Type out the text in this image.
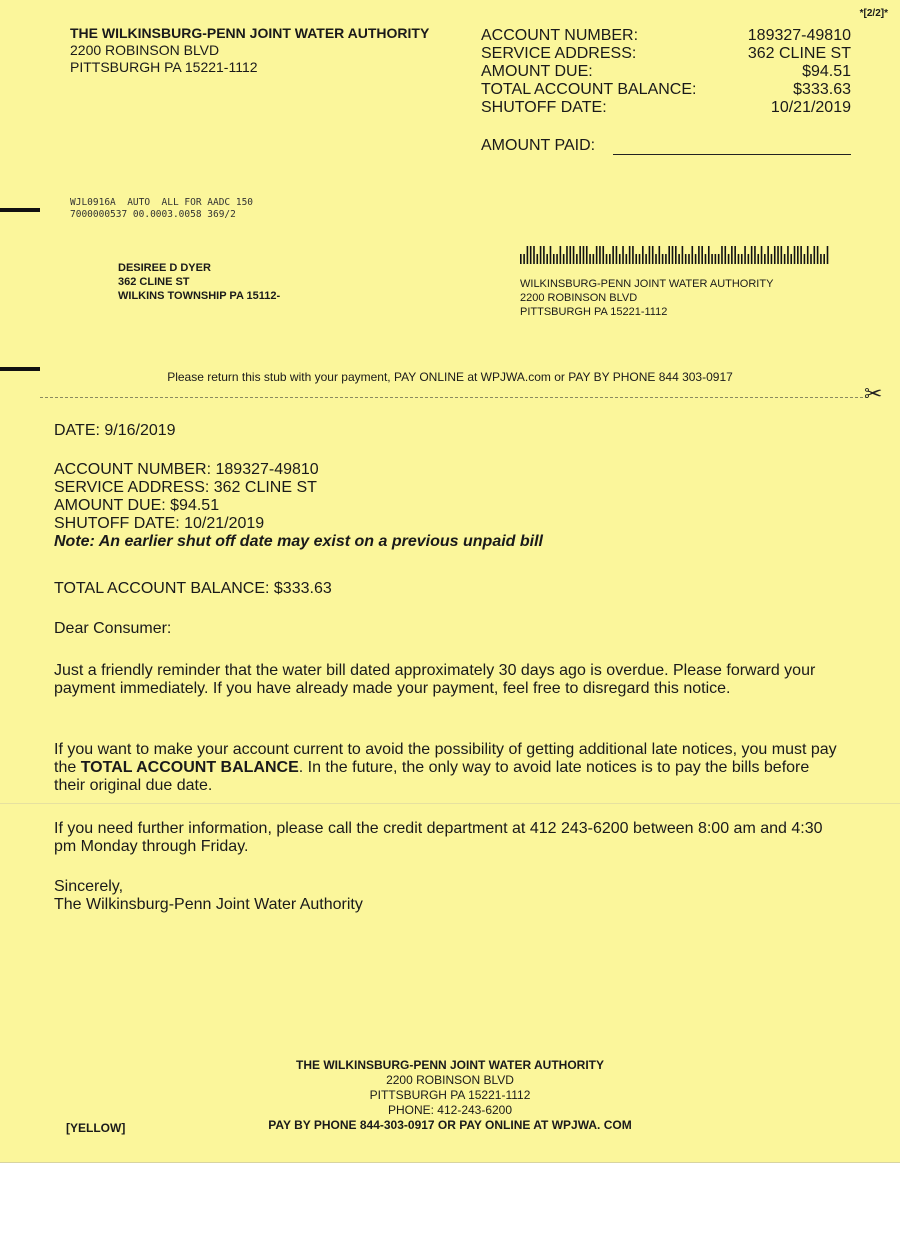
*[2/2]*
THE WILKINSBURG-PENN JOINT WATER AUTHORITY
2200 ROBINSON BLVD
PITTSBURGH PA 15221-1112
ACCOUNT NUMBER:	189327-49810
SERVICE ADDRESS:	362 CLINE ST
AMOUNT DUE:	$94.51
TOTAL ACCOUNT BALANCE:	$333.63
SHUTOFF DATE:	10/21/2019
AMOUNT PAID:
WJL0916A  AUTO  ALL FOR AADC 150
7000000537 00.0003.0058 369/2
DESIREE D DYER
362 CLINE ST
WILKINS TOWNSHIP PA 15112-
WILKINSBURG-PENN JOINT WATER AUTHORITY
2200 ROBINSON BLVD
PITTSBURGH PA 15221-1112
Please return this stub with your payment, PAY ONLINE at WPJWA.com or PAY BY PHONE 844 303-0917
✂
DATE: 9/16/2019
ACCOUNT NUMBER: 189327-49810
SERVICE ADDRESS: 362 CLINE ST
AMOUNT DUE: $94.51
SHUTOFF DATE: 10/21/2019
Note: An earlier shut off date may exist on a previous unpaid bill
TOTAL ACCOUNT BALANCE: $333.63
Dear Consumer:
Just a friendly reminder that the water bill dated approximately 30 days ago is overdue. Please forward your payment immediately. If you have already made your payment, feel free to disregard this notice.
If you want to make your account current to avoid the possibility of getting additional late notices, you must pay the TOTAL ACCOUNT BALANCE. In the future, the only way to avoid late notices is to pay the bills before their original due date.
If you need further information, please call the credit department at 412 243-6200 between 8:00 am and 4:30 pm Monday through Friday.
Sincerely,
The Wilkinsburg-Penn Joint Water Authority
THE WILKINSBURG-PENN JOINT WATER AUTHORITY
2200 ROBINSON BLVD
PITTSBURGH PA 15221-1112
PHONE: 412-243-6200
PAY BY PHONE 844-303-0917 OR PAY ONLINE AT WPJWA. COM
[YELLOW]
